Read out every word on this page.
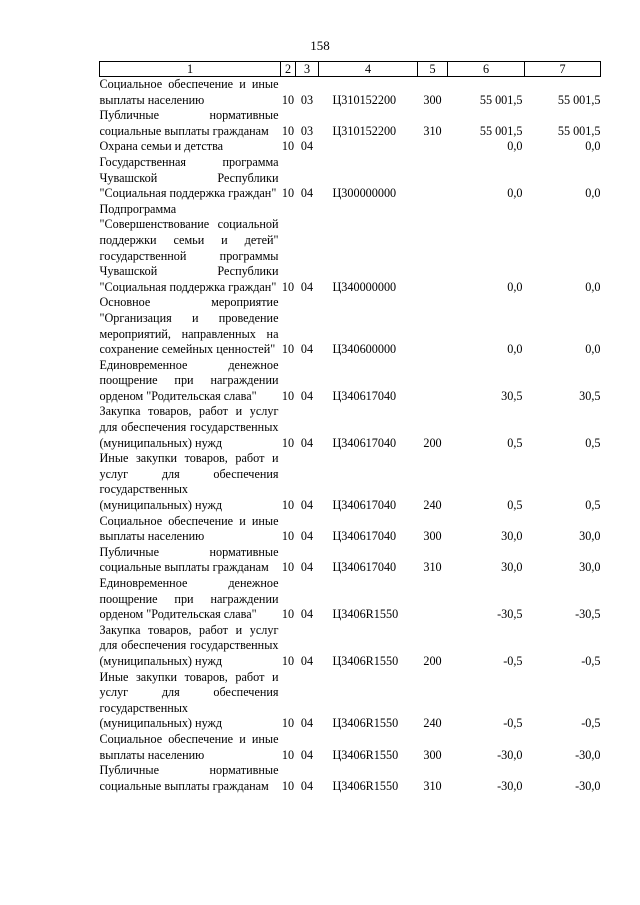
158
1	2	3	4	5	6	7
Социальное обеспечение и иные выплаты населению	10	03	Ц310152200	300	55 001,5	55 001,5
Публичные нормативные социальные выплаты гражданам	10	03	Ц310152200	310	55 001,5	55 001,5
Охрана семьи и детства	10	04			0,0	0,0
Государственная программа Чувашской Республики "Социальная поддержка граждан"	10	04	Ц300000000		0,0	0,0
Подпрограмма "Совершенствование социальной поддержки семьи и детей" государственной программы Чувашской Республики "Социальная поддержка граждан"	10	04	Ц340000000		0,0	0,0
Основное мероприятие "Организация и проведение мероприятий, направленных на сохранение семейных ценностей"	10	04	Ц340600000		0,0	0,0
Единовременное денежное поощрение при награждении орденом "Родительская слава"	10	04	Ц340617040		30,5	30,5
Закупка товаров, работ и услуг для обеспечения государственных (муниципальных) нужд	10	04	Ц340617040	200	0,5	0,5
Иные закупки товаров, работ и услуг для обеспечения государственных (муниципальных) нужд	10	04	Ц340617040	240	0,5	0,5
Социальное обеспечение и иные выплаты населению	10	04	Ц340617040	300	30,0	30,0
Публичные нормативные социальные выплаты гражданам	10	04	Ц340617040	310	30,0	30,0
Единовременное денежное поощрение при награждении орденом "Родительская слава"	10	04	Ц3406R1550		-30,5	-30,5
Закупка товаров, работ и услуг для обеспечения государственных (муниципальных) нужд	10	04	Ц3406R1550	200	-0,5	-0,5
Иные закупки товаров, работ и услуг для обеспечения государственных (муниципальных) нужд	10	04	Ц3406R1550	240	-0,5	-0,5
Социальное обеспечение и иные выплаты населению	10	04	Ц3406R1550	300	-30,0	-30,0
Публичные нормативные социальные выплаты гражданам	10	04	Ц3406R1550	310	-30,0	-30,0
